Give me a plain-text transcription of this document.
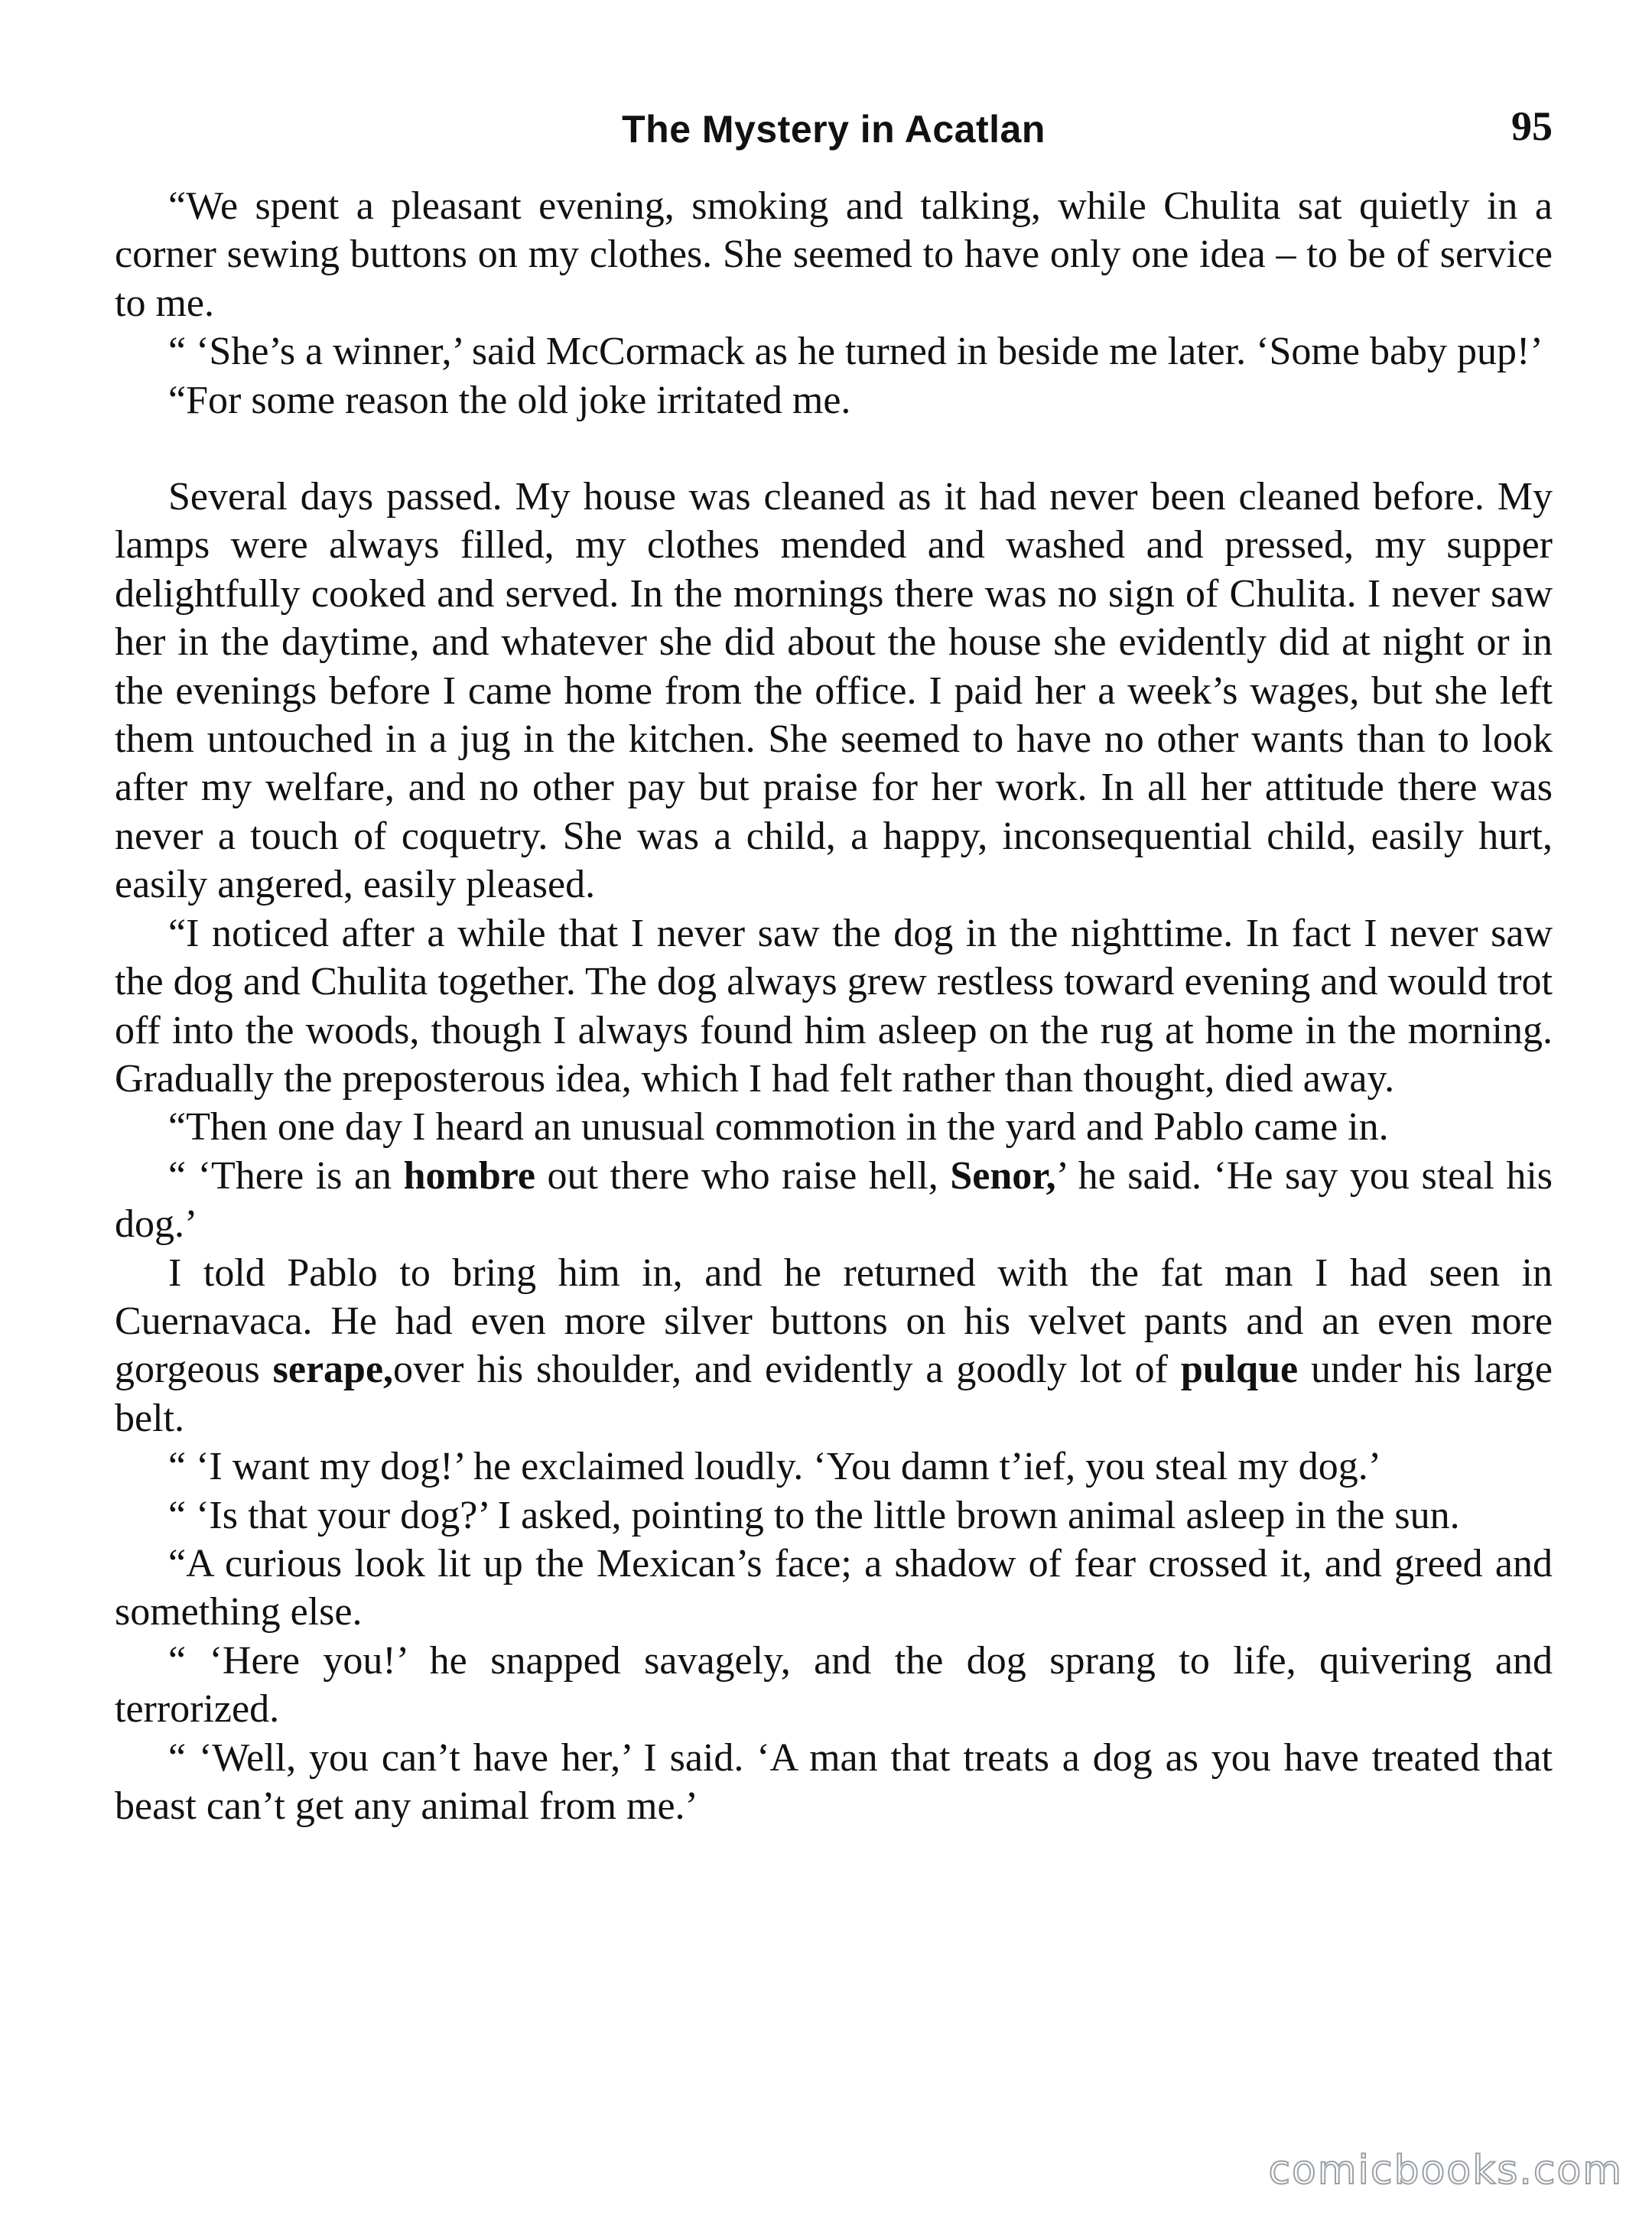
The Mystery in Acatlan	95

“We spent a pleasant evening, smoking and talking, while Chulita sat quietly in a corner sewing buttons on my clothes. She seemed to have only one idea – to be of service to me.

“ ‘She’s a winner,’ said McCormack as he turned in beside me later. ‘Some baby pup!’

“For some reason the old joke irritated me.

Several days passed. My house was cleaned as it had never been cleaned before. My lamps were always filled, my clothes mended and washed and pressed, my supper delightfully cooked and served. In the mornings there was no sign of Chulita. I never saw her in the daytime, and whatever she did about the house she evidently did at night or in the evenings before I came home from the office. I paid her a week’s wages, but she left them untouched in a jug in the kitchen. She seemed to have no other wants than to look after my welfare, and no other pay but praise for her work. In all her attitude there was never a touch of coquetry. She was a child, a happy, inconsequential child, easily hurt, easily angered, easily pleased.

“I noticed after a while that I never saw the dog in the nighttime. In fact I never saw the dog and Chulita together. The dog always grew restless toward evening and would trot off into the woods, though I always found him asleep on the rug at home in the morning. Gradually the preposterous idea, which I had felt rather than thought, died away.

“Then one day I heard an unusual commotion in the yard and Pablo came in.

“ ‘There is an hombre out there who raise hell, Senor,’ he said. ‘He say you steal his dog.’

I told Pablo to bring him in, and he returned with the fat man I had seen in Cuernavaca. He had even more silver buttons on his velvet pants and an even more gorgeous serape,over his shoulder, and evidently a goodly lot of pulque under his large belt.

“ ‘I want my dog!’ he exclaimed loudly. ‘You damn t’ief, you steal my dog.’

“ ‘Is that your dog?’ I asked, pointing to the little brown animal asleep in the sun.

“A curious look lit up the Mexican’s face; a shadow of fear crossed it, and greed and something else.

“ ‘Here you!’ he snapped savagely, and the dog sprang to life, quivering and terrorized.

“ ‘Well, you can’t have her,’ I said. ‘A man that treats a dog as you have treated that beast can’t get any animal from me.’

comicbooks.com
